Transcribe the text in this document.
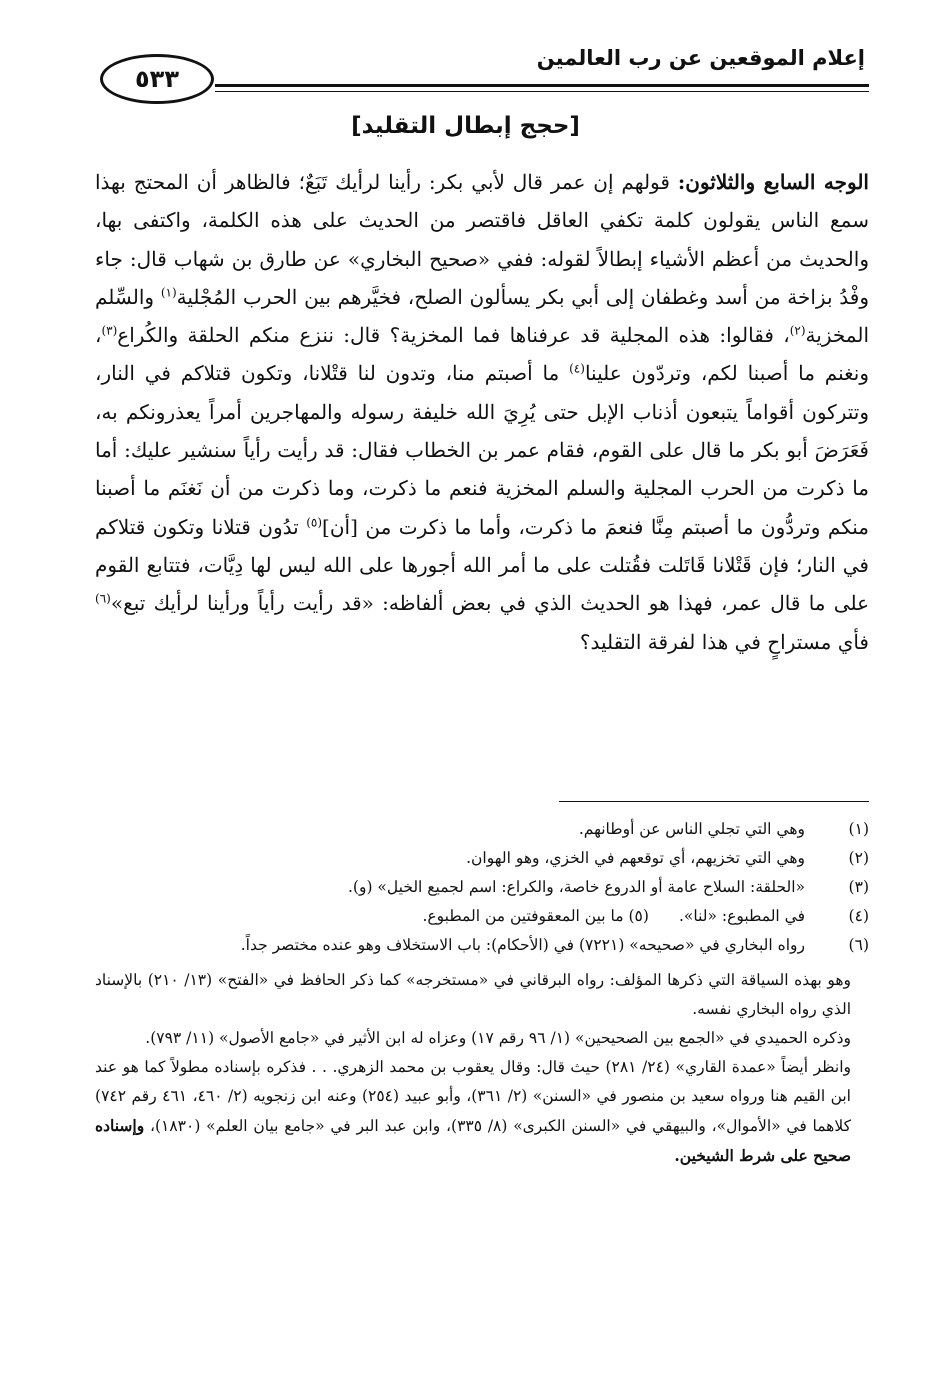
إعلام الموقعين عن رب العالمين
٥٣٣
[حجج إبطال التقليد]
الوجه السابع والثلاثون: قولهم إن عمر قال لأبي بكر: رأينا لرأيك تَبَعٌ؛ فالظاهر أن المحتج بهذا سمع الناس يقولون كلمة تكفي العاقل فاقتصر من الحديث على هذه الكلمة، واكتفى بها، والحديث من أعظم الأشياء إبطالاً لقوله: ففي «صحيح البخاري» عن طارق بن شهاب قال: جاء وفْدُ بزاخة من أسد وغطفان إلى أبي بكر يسألون الصلح، فخيَّرهم بين الحرب المُجْلية$^{(١)}$ والسِّلم المخزية$^{(٢)}$، فقالوا: هذه المجلية قد عرفناها فما المخزية؟ قال: ننزع منكم الحلقة والكُراع$^{(٣)}$، ونغنم ما أصبنا لكم، وتردّون علينا$^{(٤)}$ ما أصبتم منا، وتدون لنا قتْلانا، وتكون قتلاكم في النار، وتتركون أقواماً يتبعون أذناب الإبل حتى يُرِيَ الله خليفة رسوله والمهاجرين أمراً يعذرونكم به، فَعَرَضَ أبو بكر ما قال على القوم، فقام عمر بن الخطاب فقال: قد رأيت رأياً سنشير عليك: أما ما ذكرت من الحرب المجلية والسلم المخزية فنعم ما ذكرت، وما ذكرت من أن نَغنَم ما أصبنا منكم وتردُّون ما أصبتم مِنَّا فنعمَ ما ذكرت، وأما ما ذكرت من [أن]$^{(٥)}$ تدُون قتلانا وتكون قتلاكم في النار؛ فإن قَتْلانا قَاتَلت فقُتلت على ما أمر الله أجورها على الله ليس لها دِيَّات، فتتابع القوم على ما قال عمر، فهذا هو الحديث الذي في بعض ألفاظه: «قد رأيت رأياً ورأينا لرأيك تبع»$^{(٦)}$ فأي مستراحٍ في هذا لفرقة التقليد؟
(١)
وهي التي تجلي الناس عن أوطانهم.
(٢)
وهي التي تخزيهم، أي توقعهم في الخزي، وهو الهوان.
(٣)
«الحلقة: السلاح عامة أو الدروع خاصة، والكراع: اسم لجميع الخيل» (و).
(٤)
في المطبوع: «لنا».
(٥) ما بين المعقوفتين من المطبوع.
(٦)
رواه البخاري في «صحيحه» (٧٢٢١) في (الأحكام): باب الاستخلاف وهو عنده مختصر جداً.
وهو بهذه السياقة التي ذكرها المؤلف: رواه البرقاني في «مستخرجه» كما ذكر الحافظ في «الفتح» (١٣/ ٢١٠) بالإسناد الذي رواه البخاري نفسه.
وذكره الحميدي في «الجمع بين الصحيحين» (١/ ٩٦ رقم ١٧) وعزاه له ابن الأثير في «جامع الأصول» (١١/ ٧٩٣).
وانظر أيضاً «عمدة القاري» (٢٤/ ٢٨١) حيث قال: وقال يعقوب بن محمد الزهري. . . فذكره بإسناده مطولاً كما هو عند ابن القيم هنا ورواه سعيد بن منصور في «السنن» (٢/ ٣٦١)، وأبو عبيد (٢٥٤) وعنه ابن زنجويه (٢/ ٤٦٠، ٤٦١ رقم ٧٤٢) كلاهما في «الأموال»، والبيهقي في «السنن الكبرى» (٨/ ٣٣٥)، وابن عبد البر في «جامع بيان العلم» (١٨٣٠)، وإسناده صحيح على شرط الشيخين.
